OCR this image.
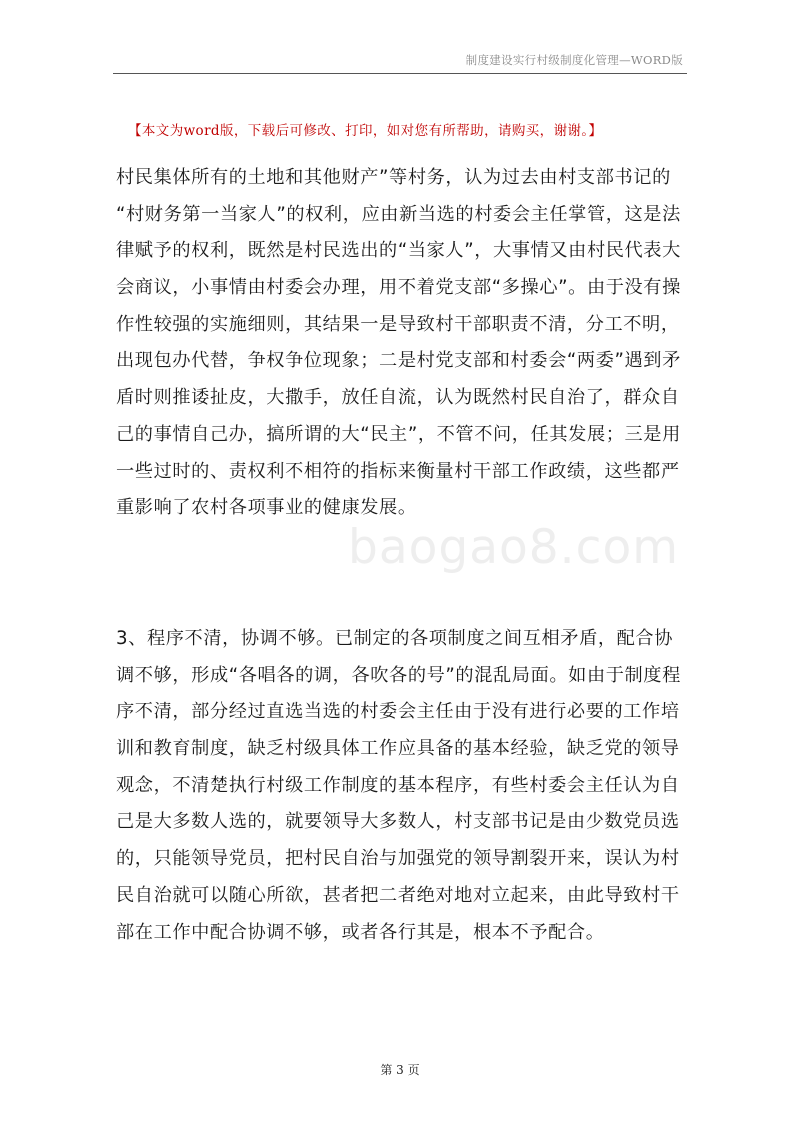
制度建设实行村级制度化管理—WORD版
【本文为word版，下载后可修改、打印，如对您有所帮助，请购买，谢谢。】
baogao8.com
村民集体所有的土地和其他财产”等村务，认为过去由村支部书记的
“村财务第一当家人”的权利，应由新当选的村委会主任掌管，这是法
律赋予的权利，既然是村民选出的“当家人”，大事情又由村民代表大
会商议，小事情由村委会办理，用不着党支部“多操心”。由于没有操
作性较强的实施细则，其结果一是导致村干部职责不清，分工不明，
出现包办代替，争权争位现象；二是村党支部和村委会“两委”遇到矛
盾时则推诿扯皮，大撒手，放任自流，认为既然村民自治了，群众自
己的事情自己办，搞所谓的大“民主”，不管不问，任其发展；三是用
一些过时的、责权利不相符的指标来衡量村干部工作政绩，这些都严
重影响了农村各项事业的健康发展。
3、程序不清，协调不够。已制定的各项制度之间互相矛盾，配合协
调不够，形成“各唱各的调，各吹各的号”的混乱局面。如由于制度程
序不清，部分经过直选当选的村委会主任由于没有进行必要的工作培
训和教育制度，缺乏村级具体工作应具备的基本经验，缺乏党的领导
观念，不清楚执行村级工作制度的基本程序，有些村委会主任认为自
己是大多数人选的，就要领导大多数人，村支部书记是由少数党员选
的，只能领导党员，把村民自治与加强党的领导割裂开来，误认为村
民自治就可以随心所欲，甚者把二者绝对地对立起来，由此导致村干
部在工作中配合协调不够，或者各行其是，根本不予配合。
第 3 页
